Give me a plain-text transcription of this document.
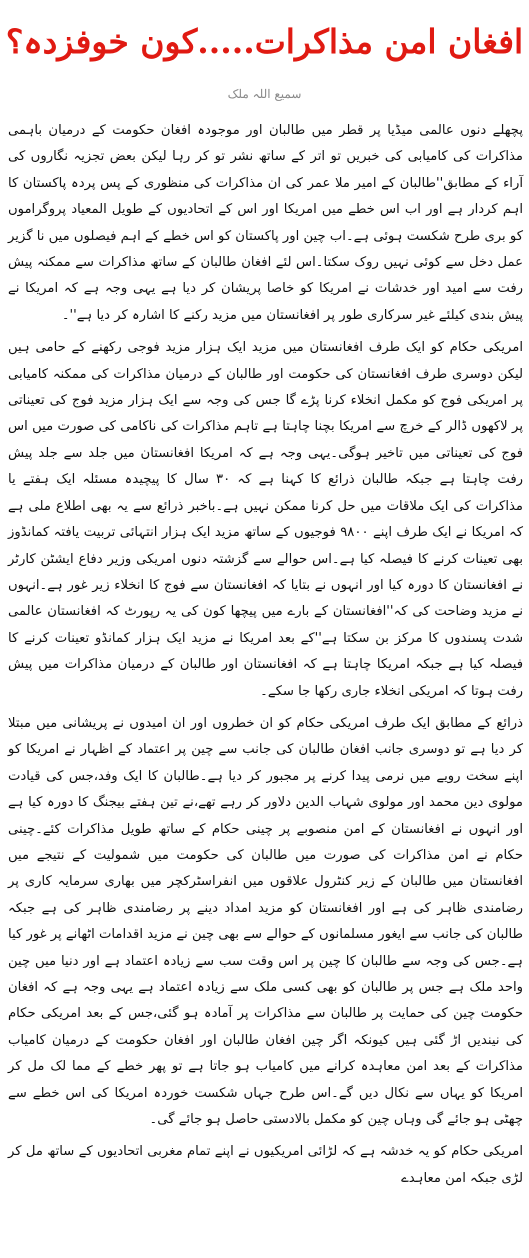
افغان امن مذاکرات.....کون خوفزدہ؟
سمیع اللہ ملک

پچھلے دنوں عالمی میڈیا پر قطر میں طالبان اور موجودہ افغان حکومت کے درمیان باہمی مذاکرات کی کامیابی کی خبریں تو اتر کے ساتھ نشر تو کر رہا لیکن بعض تجزیہ نگاروں کی آراء کے مطابق''طالبان کے امیر ملا عمر کی ان مذاکرات کی منظوری کے پس پردہ پاکستان کا اہم کردار ہے اور اب اس خطے میں امریکا اور اس کے اتحادیوں کے طویل المعیاد پروگراموں کو بری طرح شکست ہوئی ہے۔اب چین اور پاکستان کو اس خطے کے اہم فیصلوں میں نا گزیر عمل دخل سے کوئی نہیں روک سکتا۔اس لئے افغان طالبان کے ساتھ مذاکرات سے ممکنہ پیش رفت سے امید اور خدشات نے امریکا کو خاصا پریشان کر دیا ہے یہی وجہ ہے کہ امریکا نے پیش بندی کیلئے غیر سرکاری طور پر افغانستان میں مزید رکنے کا اشارہ کر دیا ہے''۔

امریکی حکام کو ایک طرف افغانستان میں مزید ایک ہزار مزید فوجی رکھنے کے حامی ہیں لیکن دوسری طرف افغانستان کی حکومت اور طالبان کے درمیان مذاکرات کی ممکنہ کامیابی پر امریکی فوج کو مکمل انخلاء کرنا پڑے گا جس کی وجہ سے ایک ہزار مزید فوج کی تعیناتی پر لاکھوں ڈالر کے خرچ سے امریکا بچنا چاہتا ہے تاہم مذاکرات کی ناکامی کی صورت میں اس فوج کی تعیناتی میں تاخیر ہوگی۔یہی وجہ ہے کہ امریکا افغانستان میں جلد سے جلد پیش رفت چاہتا ہے جبکہ طالبان ذرائع کا کہنا ہے کہ ۳۰ سال کا پیچیدہ مسئلہ ایک ہفتے یا مذاکرات کی ایک ملاقات میں حل کرنا ممکن نہیں ہے۔باخبر ذرائع سے یہ بھی اطلاع ملی ہے کہ امریکا نے ایک طرف اپنے ۹۸۰۰ فوجیوں کے ساتھ مزید ایک ہزار انتہائی تربیت یافتہ کمانڈوز بھی تعینات کرنے کا فیصلہ کیا ہے۔اس حوالے سے گزشتہ دنوں امریکی وزیر دفاع ایشٹن کارٹر نے افغانستان کا دورہ کیا اور انہوں نے بتایا کہ افغانستان سے فوج کا انخلاء زیر غور ہے۔انہوں نے مزید وضاحت کی کہ''افغانستان کے بارے میں پیچھا کون کی یہ رپورٹ کہ افغانستان عالمی شدت پسندوں کا مرکز بن سکتا ہے''کے بعد امریکا نے مزید ایک ہزار کمانڈو تعینات کرنے کا فیصلہ کیا ہے جبکہ امریکا چاہتا ہے کہ افغانستان اور طالبان کے درمیان مذاکرات میں پیش رفت ہوتا کہ امریکی انخلاء جاری رکھا جا سکے۔

ذرائع کے مطابق ایک طرف امریکی حکام کو ان خطروں اور ان امیدوں نے پریشانی میں مبتلا کر دیا ہے تو دوسری جانب افغان طالبان کی جانب سے چین پر اعتماد کے اظہار نے امریکا کو اپنے سخت رویے میں نرمی پیدا کرنے پر مجبور کر دیا ہے۔طالبان کا ایک وفد،جس کی قیادت مولوی دین محمد اور مولوی شہاب الدین دلاور کر رہے تھے،نے تین ہفتے بیجنگ کا دورہ کیا ہے اور انہوں نے افغانستان کے امن منصوبے پر چینی حکام کے ساتھ طویل مذاکرات کئے۔چینی حکام نے امن مذاکرات کی صورت میں طالبان کی حکومت میں شمولیت کے نتیجے میں افغانستان میں طالبان کے زیر کنٹرول علاقوں میں انفراسٹرکچر میں بھاری سرمایہ کاری پر رضامندی ظاہر کی ہے اور افغانستان کو مزید امداد دینے پر رضامندی ظاہر کی ہے جبکہ طالبان کی جانب سے ایغور مسلمانوں کے حوالے سے بھی چین نے مزید اقدامات اٹھانے پر غور کیا ہے۔جس کی وجہ سے طالبان کا چین پر اس وقت سب سے زیادہ اعتماد ہے اور دنیا میں چین واحد ملک ہے جس پر طالبان کو بھی کسی ملک سے زیادہ اعتماد ہے یہی وجہ ہے کہ افغان حکومت چین کی حمایت پر طالبان سے مذاکرات پر آمادہ ہو گئی،جس کے بعد امریکی حکام کی نیندیں اڑ گئی ہیں کیونکہ اگر چین افغان طالبان اور افغان حکومت کے درمیان کامیاب مذاکرات کے بعد امن معاہدہ کرانے میں کامیاب ہو جاتا ہے تو پھر خطے کے مما لک مل کر امریکا کو یہاں سے نکال دیں گے۔اس طرح جہاں شکست خوردہ امریکا کی اس خطے سے چھٹی ہو جائے گی وہاں چین کو مکمل بالادستی حاصل ہو جائے گی۔

امریکی حکام کو یہ خدشہ ہے کہ لڑائی امریکیوں نے اپنے تمام مغربی اتحادیوں کے ساتھ مل کر لڑی جبکہ امن معاہدے
